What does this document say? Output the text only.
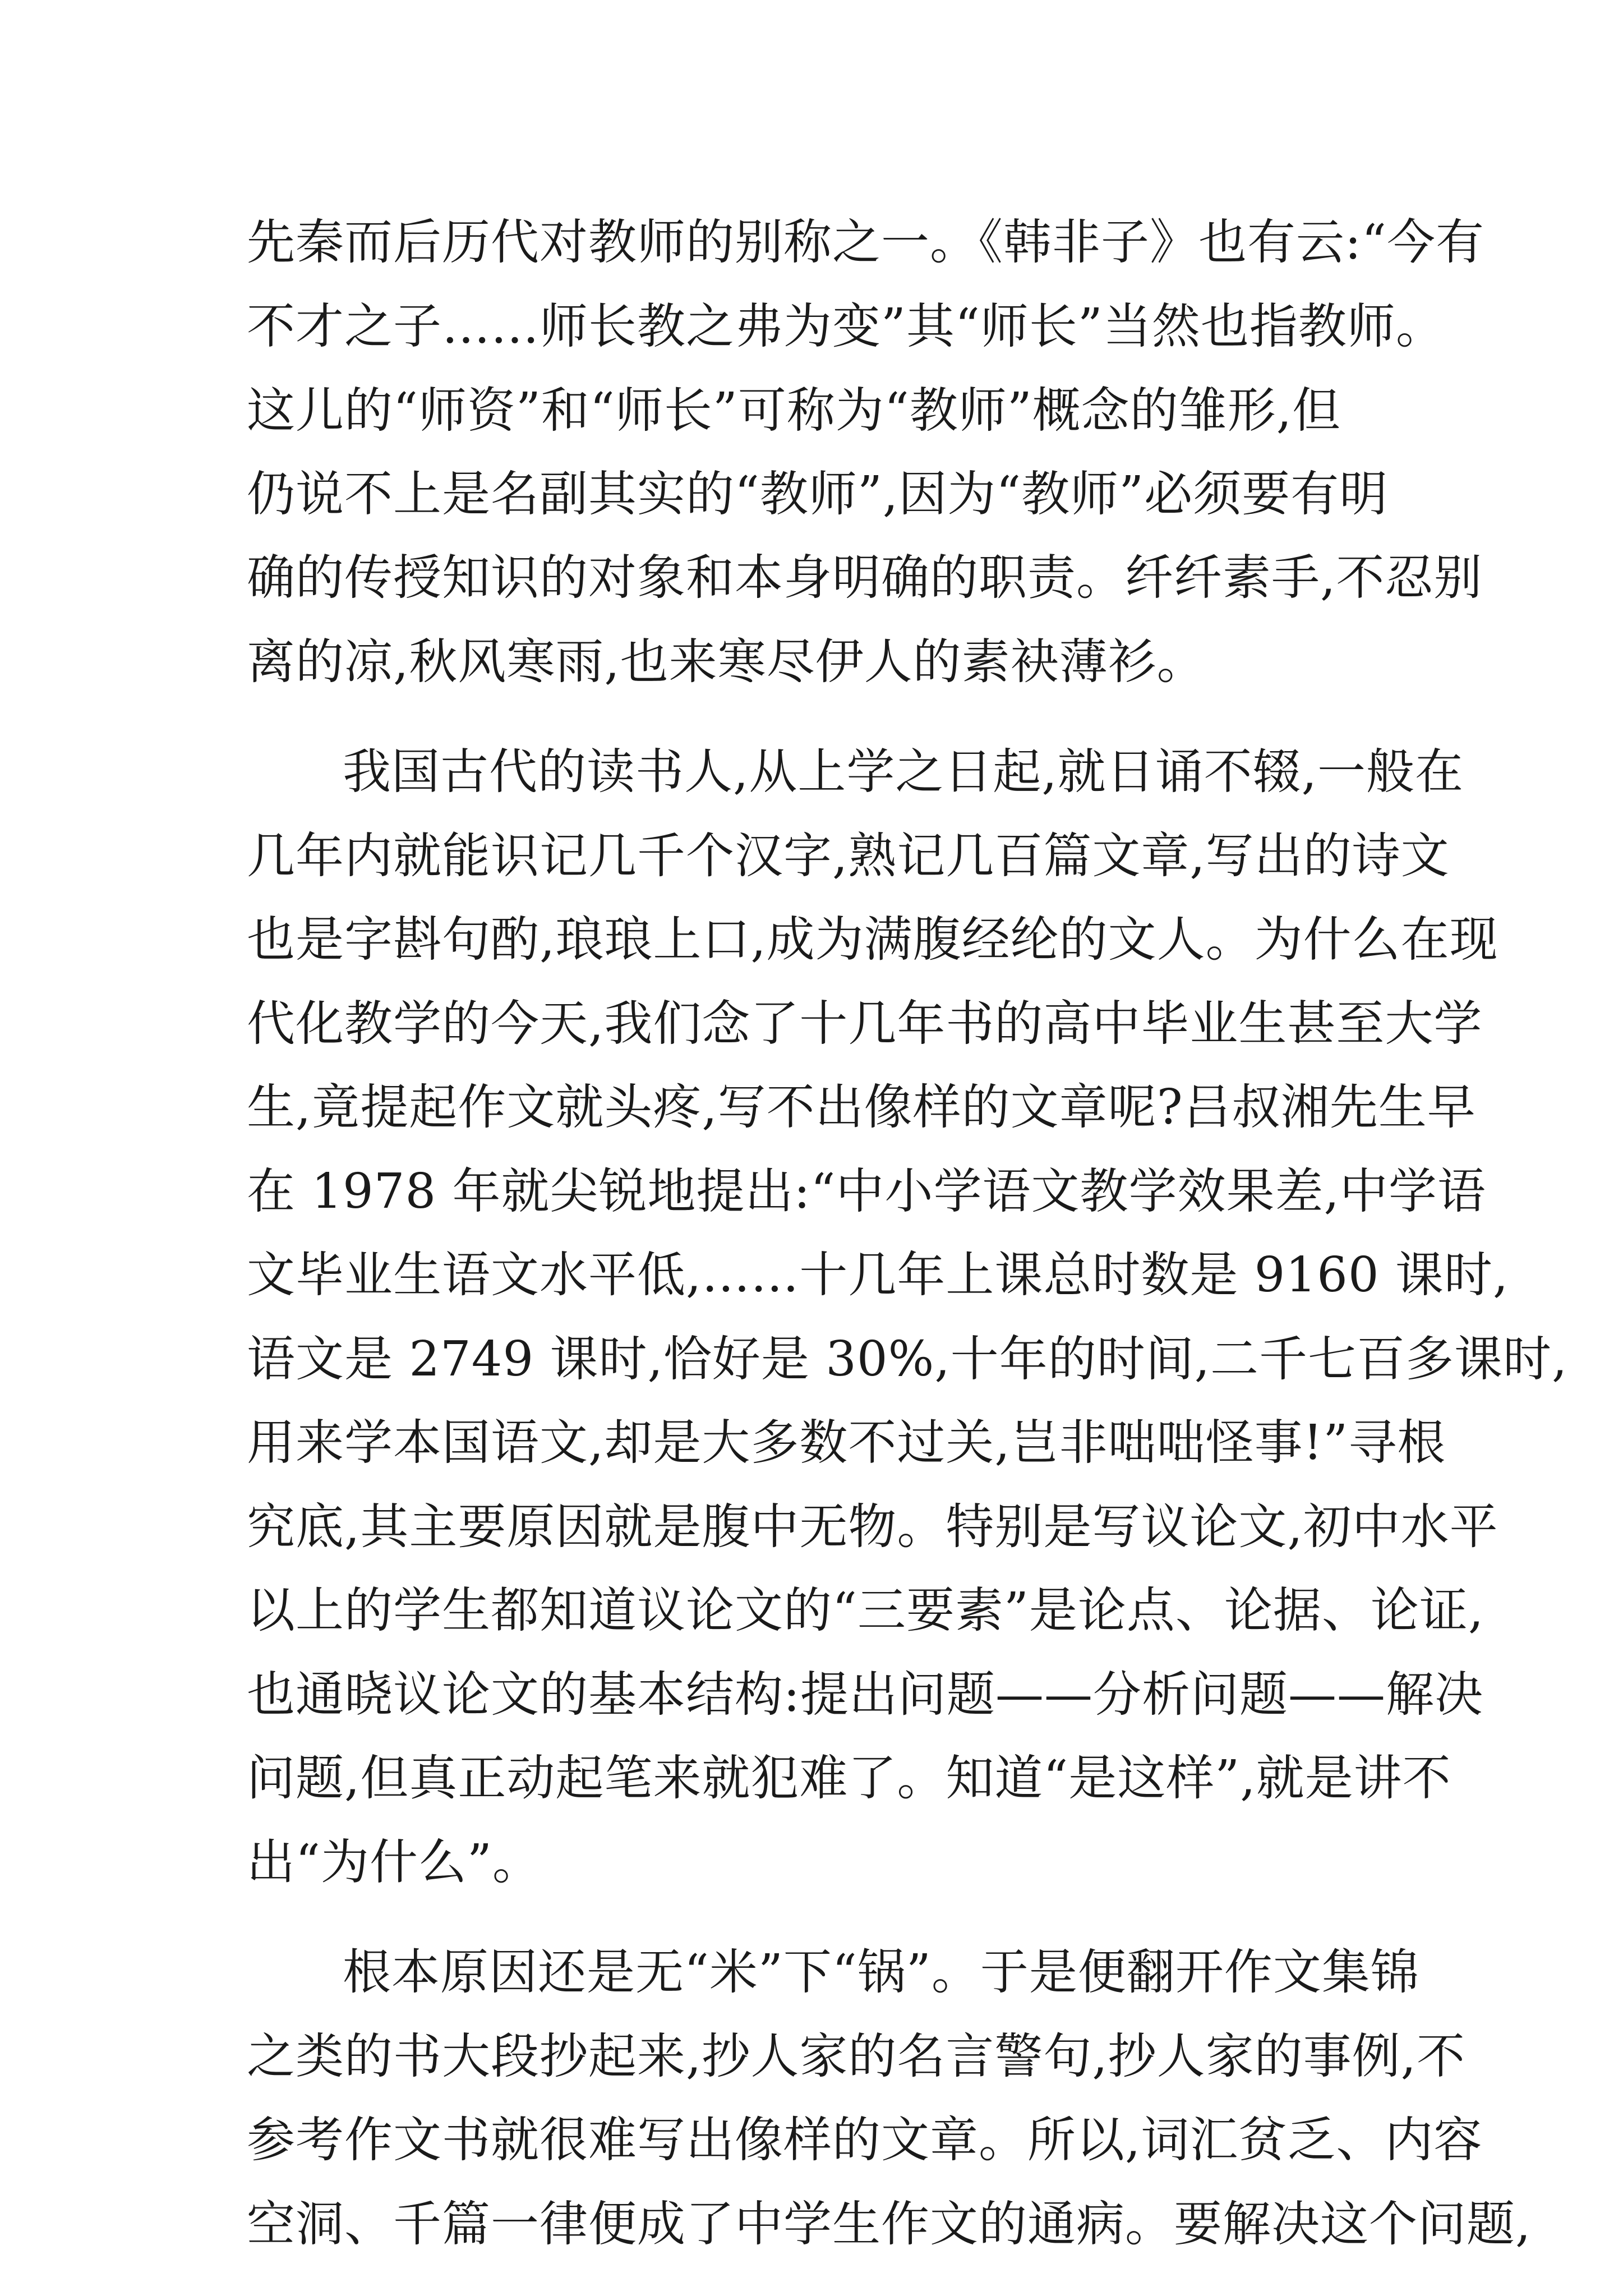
先秦而后历代对教师的别称之一。《韩非子》也有云:“今有

不才之子……师长教之弗为变”其“师长”当然也指教师。

这儿的“师资”和“师长”可称为“教师”概念的雏形,但

仍说不上是名副其实的“教师”,因为“教师”必须要有明

确的传授知识的对象和本身明确的职责。纤纤素手,不忍别

离的凉,秋风寒雨,也来寒尽伊人的素袂薄衫。

我国古代的读书人,从上学之日起,就日诵不辍,一般在

几年内就能识记几千个汉字,熟记几百篇文章,写出的诗文

也是字斟句酌,琅琅上口,成为满腹经纶的文人。为什么在现

代化教学的今天,我们念了十几年书的高中毕业生甚至大学

生,竟提起作文就头疼,写不出像样的文章呢?吕叔湘先生早

在 1978 年就尖锐地提出:“中小学语文教学效果差,中学语

文毕业生语文水平低,……十几年上课总时数是 9160 课时,

语文是 2749 课时,恰好是 30%,十年的时间,二千七百多课时,

用来学本国语文,却是大多数不过关,岂非咄咄怪事!”寻根

究底,其主要原因就是腹中无物。特别是写议论文,初中水平

以上的学生都知道议论文的“三要素”是论点、论据、论证,

也通晓议论文的基本结构:提出问题——分析问题——解决

问题,但真正动起笔来就犯难了。知道“是这样”,就是讲不

出“为什么”。

根本原因还是无“米”下“锅”。于是便翻开作文集锦

之类的书大段抄起来,抄人家的名言警句,抄人家的事例,不

参考作文书就很难写出像样的文章。所以,词汇贫乏、内容

空洞、千篇一律便成了中学生作文的通病。要解决这个问题,
